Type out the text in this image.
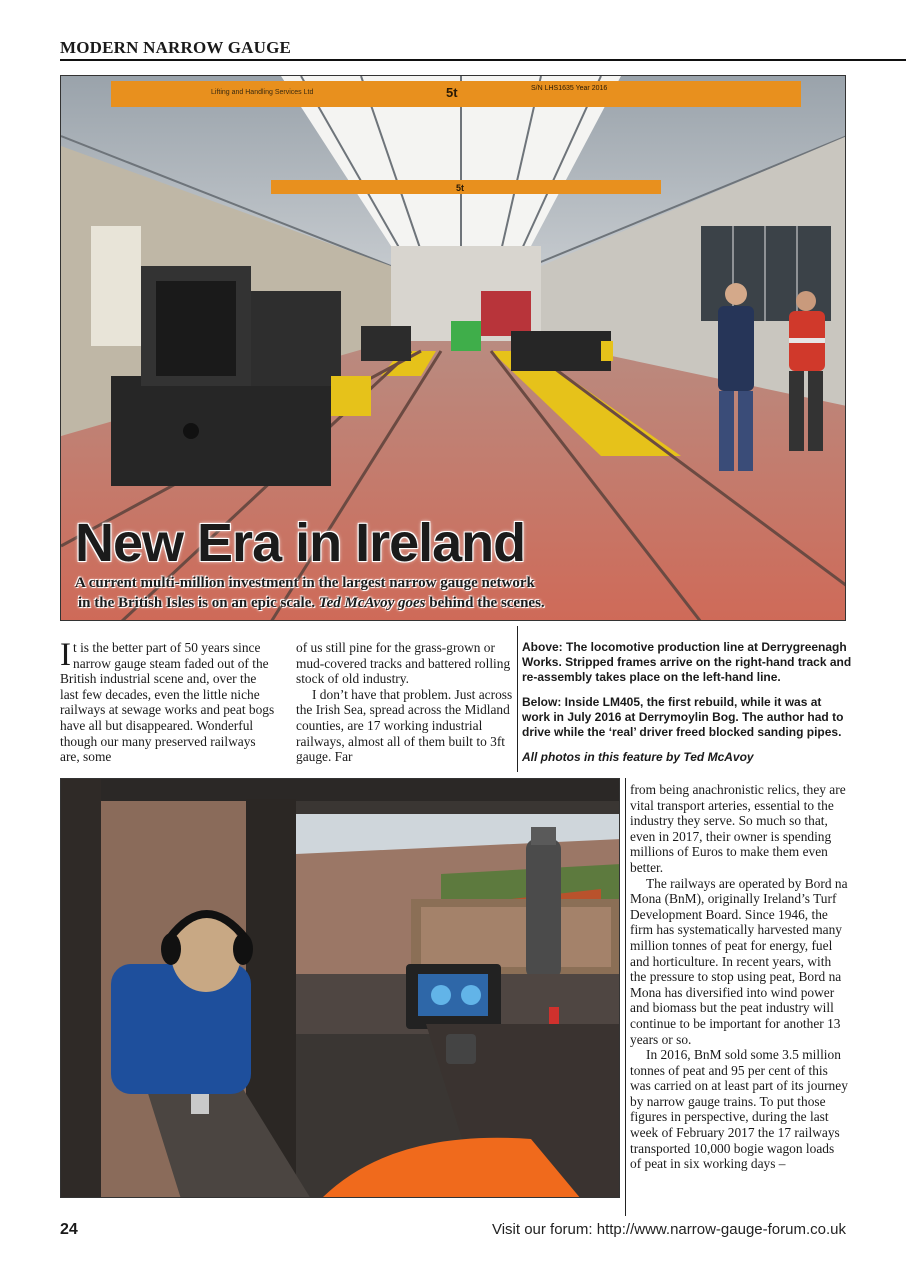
MODERN NARROW GAUGE
Lifting and Handling Services Ltd	5t	S/N LHS1635 Year 2016
5t
New Era in Ireland
A current multi-million investment in the largest narrow gauge network
in the British Isles is on an epic scale. Ted McAvoy goes behind the scenes.

It is the better part of 50 years since narrow gauge steam faded out of the British industrial scene and, over the last few decades, even the little niche railways at sewage works and peat bogs have all but disappeared. Wonderful though our many preserved railways are, some

of us still pine for the grass-grown or mud-covered tracks and battered rolling stock of old industry.

I don’t have that problem. Just across the Irish Sea, spread across the Midland counties, are 17 working industrial railways, almost all of them built to 3ft gauge. Far

Above: The locomotive production line at Derrygreenagh Works. Stripped frames arrive on the right-hand track and re-assembly takes place on the left-hand line.

Below: Inside LM405, the first rebuild, while it was at work in July 2016 at Derrymoylin Bog. The author had to drive while the ‘real’ driver freed blocked sanding pipes.

All photos in this feature by Ted McAvoy

from being anachronistic relics, they are vital transport arteries, essential to the industry they serve. So much so that, even in 2017, their owner is spending millions of Euros to make them even better.

The railways are operated by Bord na Mona (BnM), originally Ireland’s Turf Development Board. Since 1946, the firm has systematically harvested many million tonnes of peat for energy, fuel and horticulture. In recent years, with the pressure to stop using peat, Bord na Mona has diversified into wind power and biomass but the peat industry will continue to be important for another 13 years or so.

In 2016, BnM sold some 3.5 million tonnes of peat and 95 per cent of this was carried on at least part of its journey by narrow gauge trains. To put those figures in perspective, during the last week of February 2017 the 17 railways transported 10,000 bogie wagon loads of peat in six working days –

24	Visit our forum: http://www.narrow-gauge-forum.co.uk
